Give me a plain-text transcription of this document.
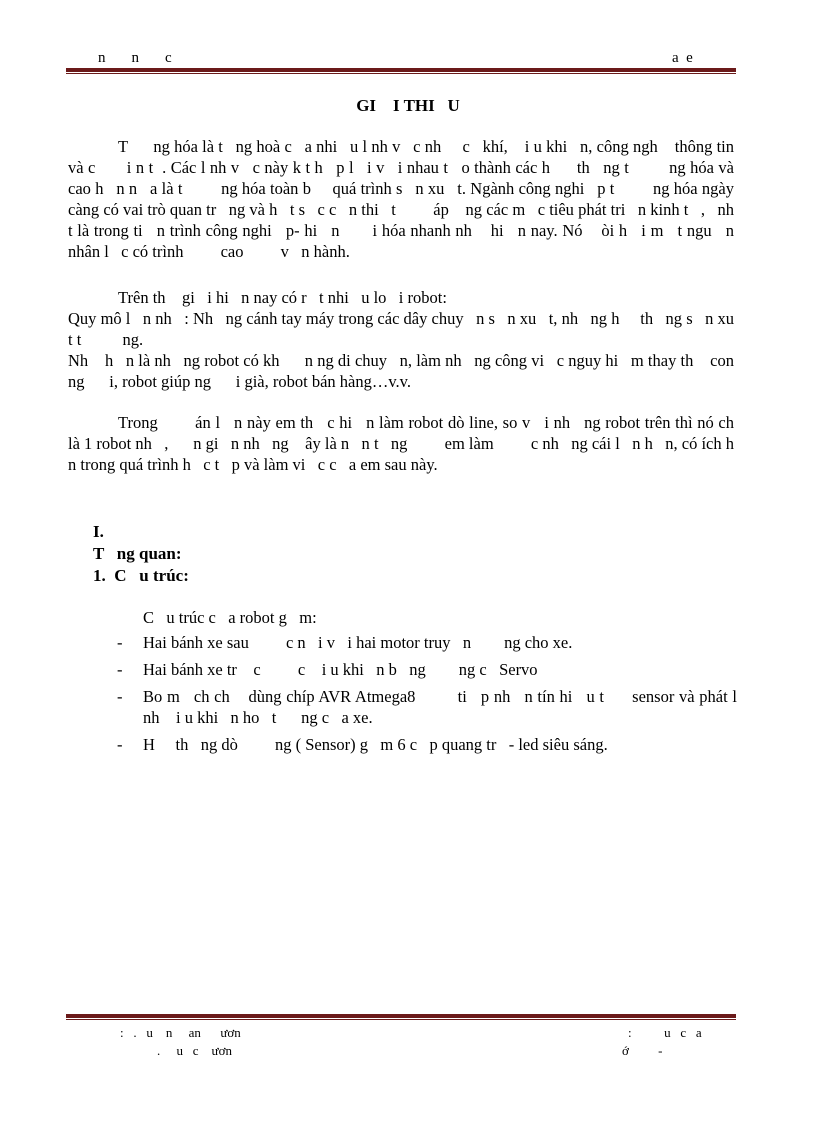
n      n      c	a  e
GI    I THI   U

T      ng hóa là t   ng hoà c   a nhi   u l nh v   c nh     c   khí,    i u khi   n, công ngh    thông tin và c       i n t  . Các l nh v   c này k t h   p l   i v   i nhau t   o thành các h      th   ng t         ng hóa và cao h   n n   a là t         ng hóa toàn b     quá trình s   n xu   t. Ngành công nghi   p t         ng hóa ngày càng có vai trò quan tr   ng và h   t s   c c   n thi   t         áp    ng các m   c tiêu phát tri   n kinh t   ,   nh   t là trong ti   n trình công nghi   p- hi   n       i hóa nhanh nh    hi   n nay. Nó    òi h   i m   t ngu   n nhân l   c có trình         cao         v   n hành.

Trên th    gi   i hi   n nay có r   t nhi   u lo   i robot:

Quy mô l   n nh   : Nh   ng cánh tay máy trong các dây chuy   n s   n xu   t, nh   ng h     th   ng s   n xu t t          ng.

Nh    h   n là nh   ng robot có kh      n ng di chuy   n, làm nh   ng công vi   c nguy hi   m thay th    con ng      i, robot giúp ng      i già, robot bán hàng…v.v.

Trong        án l   n này em th   c hi   n làm robot dò line, so v   i nh   ng robot trên thì nó ch    là 1 robot nh   ,      n gi   n nh   ng    ây là n   n t   ng         em làm         c nh   ng cái l   n h   n, có ích h   n trong quá trình h   c t   p và làm vi   c c   a em sau này.

I.
T   ng quan:
1.  C   u trúc:

C   u trúc c   a robot g   m:

- Hai bánh xe sau         c n   i v   i hai motor truy   n        ng cho xe.
- Hai bánh xe tr    c         c    i u khi   n b   ng        ng c   Servo
- Bo m   ch ch    dùng chíp AVR Atmega8         ti   p nh   n tín hi   u t      sensor và phát l   nh    i u khi   n ho   t      ng c   a xe.
- H     th   ng dò         ng ( Sensor) g   m 6 c   p quang tr   - led siêu sáng.
:   .   u    n     an      ươn	:          u   c   a
.     u   c    ươn	ớ         -
